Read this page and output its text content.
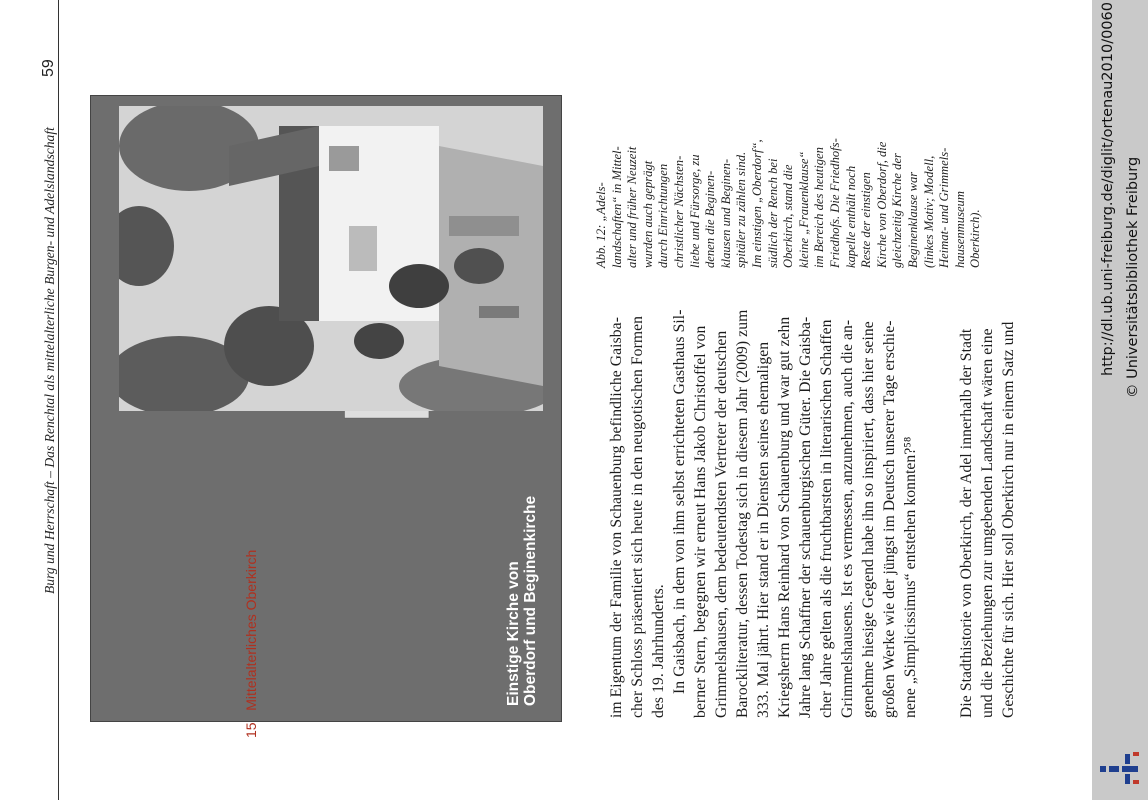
Burg und Herrschaft – Das Renchtal als mittelalterliche Burgen- und Adelslandschaft
59
Einstige Kirche von Oberdorf und Beginenkirche	im Eigentum der Familie von Schauenburg befindliche Gaisba- cher Schloss präsentiert sich heute in den neugotischen Formen des 19. Jahrhunderts. In Gaisbach, in dem von ihm selbst errichteten Gasthaus Sil- berner Stern, begegnen wir erneut Hans Jakob Christoffel von Grimmelshausen, dem bedeutendsten Vertreter der deutschen Barockliteratur, dessen Todestag sich in diesem Jahr (2009) zum 333. Mal jährt. Hier stand er in Diensten seines ehemaligen Kriegsherrn Hans Reinhard von Schauenburg und war gut zehn Jahre lang Schaffner der schauenburgischen Güter. Die Gaisba- cher Jahre gelten als die fruchtbarsten in literarischen Schaffen Grimmelshausens. Ist es vermessen, anzunehmen, auch die an- genehme hiesige Gegend habe ihn so inspiriert, dass hier seine großen Werke wie der jüngst im Deutsch unserer Tage erschie- nene „Simplicissimus“ entstehen konnten?⁵⁸
15   Mittelalterliches Oberkirch	Die Stadthistorie von Oberkirch, der Adel innerhalb der Stadt und die Beziehungen zur umgebenden Landschaft wären eine Geschichte für sich. Hier soll Oberkirch nur in einem Satz und
Abb. 12: „Adels- landschaften“ in Mittel- alter und früher Neuzeit wurden auch geprägt durch Einrichtungen christlicher Nächsten- liebe und Fürsorge, zu denen die Beginen- klausen und Beginen- spitäler zu zählen sind. Im einstigen „Oberdorf“, südlich der Rench bei Oberkirch, stand die kleine „Frauenklause“ im Bereich des heutigen Friedhofs. Die Friedhofs- kapelle enthält noch Reste der einstigen Kirche von Oberdorf, die gleichzeitig Kirche der Beginenklause war (linkes Motiv; Modell, Heimat- und Grimmels- hausenmuseum Oberkirch).	http://dl.ub.uni-freiburg.de/diglit/ortenau2010/0060 © Universitätsbibliothek Freiburg
